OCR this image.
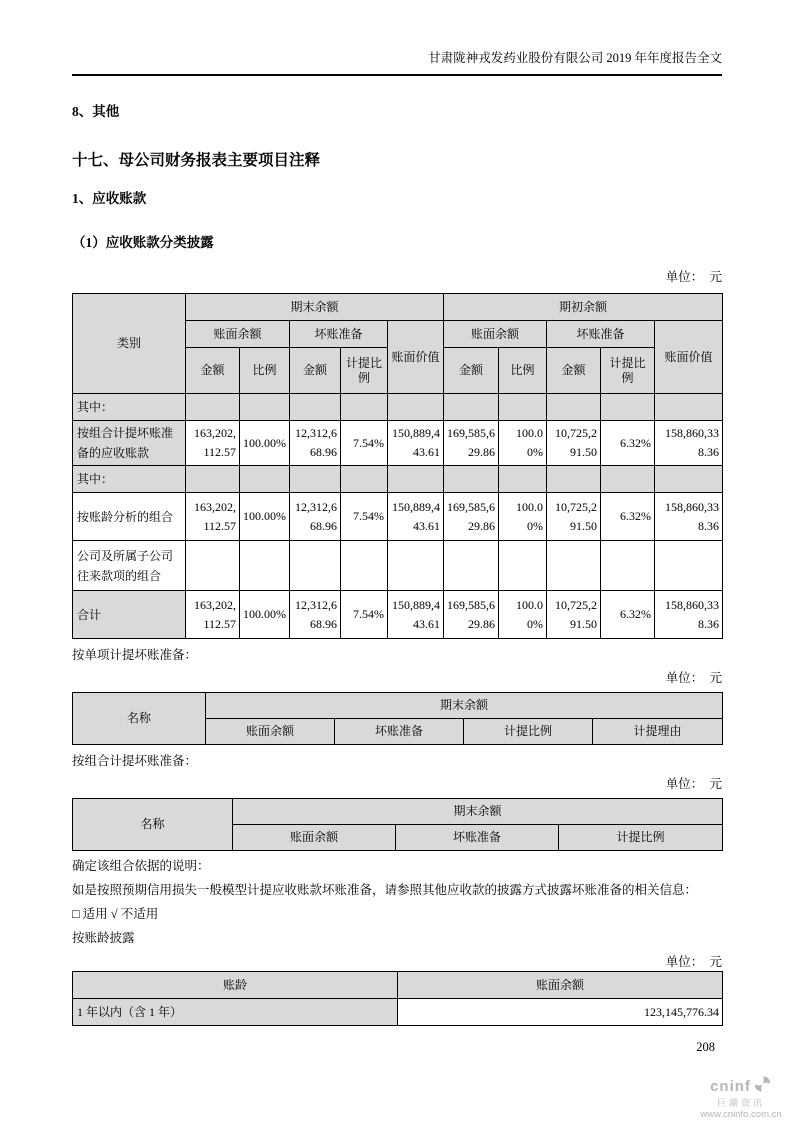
甘肃陇神戎发药业股份有限公司 2019 年年度报告全文
8、其他
十七、母公司财务报表主要项目注释
1、应收账款
（1）应收账款分类披露
单位：  元
类别	期末余额					期初余额				
	账面余额		坏账准备		账面价值	账面余额		坏账准备		账面价值
	金额	比例	金额	计提比例		金额	比例	金额	计提比例	
其中：										
按组合计提坏账准备的应收账款	163,202,112.57	100.00%	12,312,668.96	7.54%	150,889,443.61	169,585,629.86	100.00%	10,725,291.50	6.32%	158,860,338.36
其中：										
按账龄分析的组合	163,202,112.57	100.00%	12,312,668.96	7.54%	150,889,443.61	169,585,629.86	100.00%	10,725,291.50	6.32%	158,860,338.36
公司及所属子公司往来款项的组合										
合计	163,202,112.57	100.00%	12,312,668.96	7.54%	150,889,443.61	169,585,629.86	100.00%	10,725,291.50	6.32%	158,860,338.36
按单项计提坏账准备：
单位：  元
名称	期末余额			
	账面余额	坏账准备	计提比例	计提理由
按组合计提坏账准备：
单位：  元
名称	期末余额		
	账面余额	坏账准备	计提比例
确定该组合依据的说明：
如是按照预期信用损失一般模型计提应收账款坏账准备，请参照其他应收款的披露方式披露坏账准备的相关信息：
□ 适用 √ 不适用
按账龄披露
单位：  元
账龄	账面余额
1 年以内（含 1 年）	123,145,776.34
208
cninf
巨潮资讯
www.cninfo.com.cn
